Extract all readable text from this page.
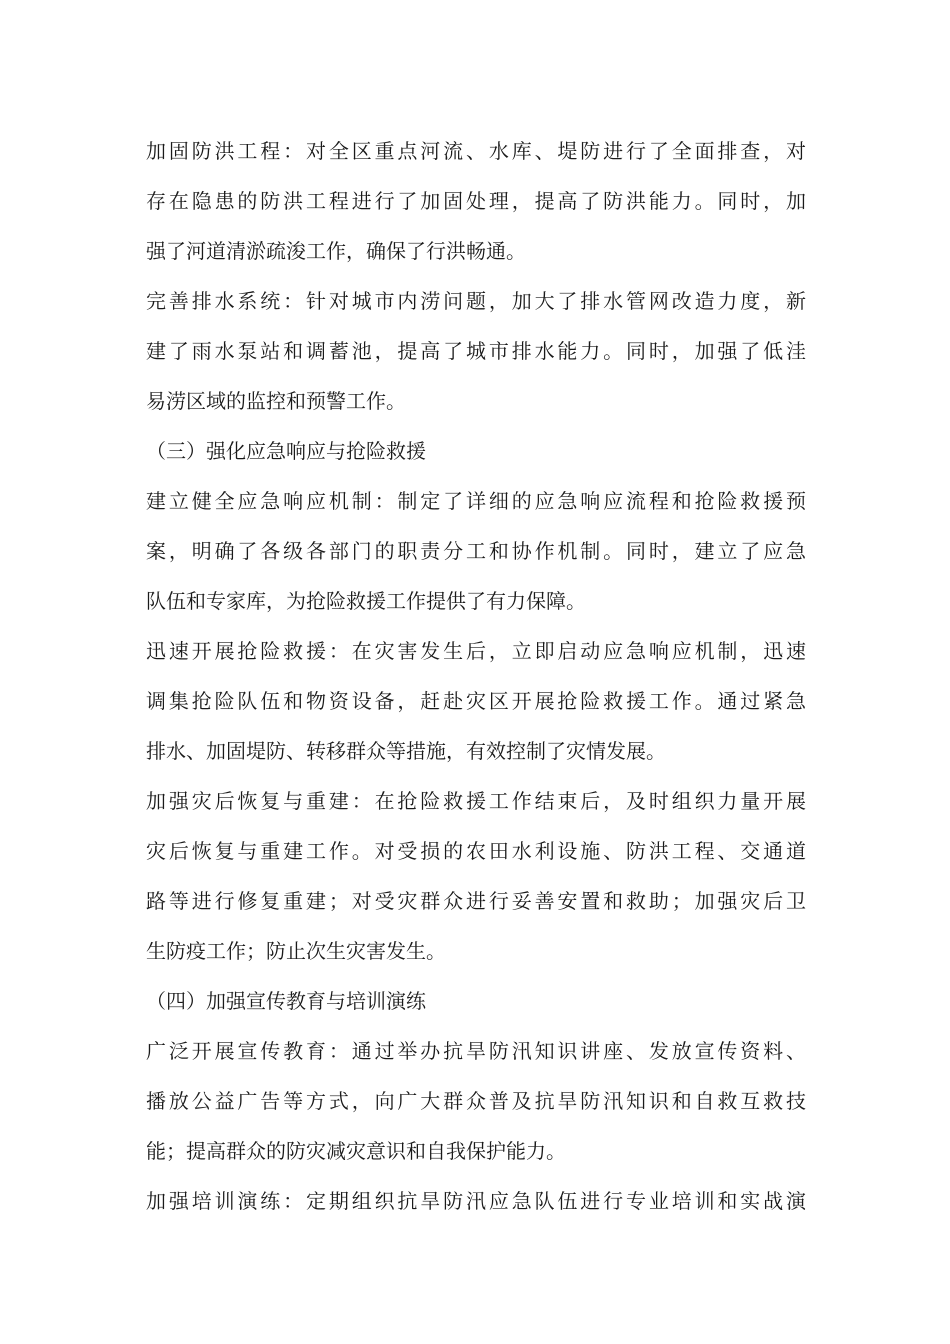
加固防洪工程：对全区重点河流、水库、堤防进行了全面排查，对
存在隐患的防洪工程进行了加固处理，提高了防洪能力。同时，加
强了河道清淤疏浚工作，确保了行洪畅通。
完善排水系统：针对城市内涝问题，加大了排水管网改造力度，新
建了雨水泵站和调蓄池，提高了城市排水能力。同时，加强了低洼
易涝区域的监控和预警工作。
（三）强化应急响应与抢险救援
建立健全应急响应机制：制定了详细的应急响应流程和抢险救援预
案，明确了各级各部门的职责分工和协作机制。同时，建立了应急
队伍和专家库，为抢险救援工作提供了有力保障。
迅速开展抢险救援：在灾害发生后，立即启动应急响应机制，迅速
调集抢险队伍和物资设备，赶赴灾区开展抢险救援工作。通过紧急
排水、加固堤防、转移群众等措施，有效控制了灾情发展。
加强灾后恢复与重建：在抢险救援工作结束后，及时组织力量开展
灾后恢复与重建工作。对受损的农田水利设施、防洪工程、交通道
路等进行修复重建；对受灾群众进行妥善安置和救助；加强灾后卫
生防疫工作；防止次生灾害发生。
（四）加强宣传教育与培训演练
广泛开展宣传教育：通过举办抗旱防汛知识讲座、发放宣传资料、
播放公益广告等方式，向广大群众普及抗旱防汛知识和自救互救技
能；提高群众的防灾减灾意识和自我保护能力。
加强培训演练：定期组织抗旱防汛应急队伍进行专业培训和实战演
